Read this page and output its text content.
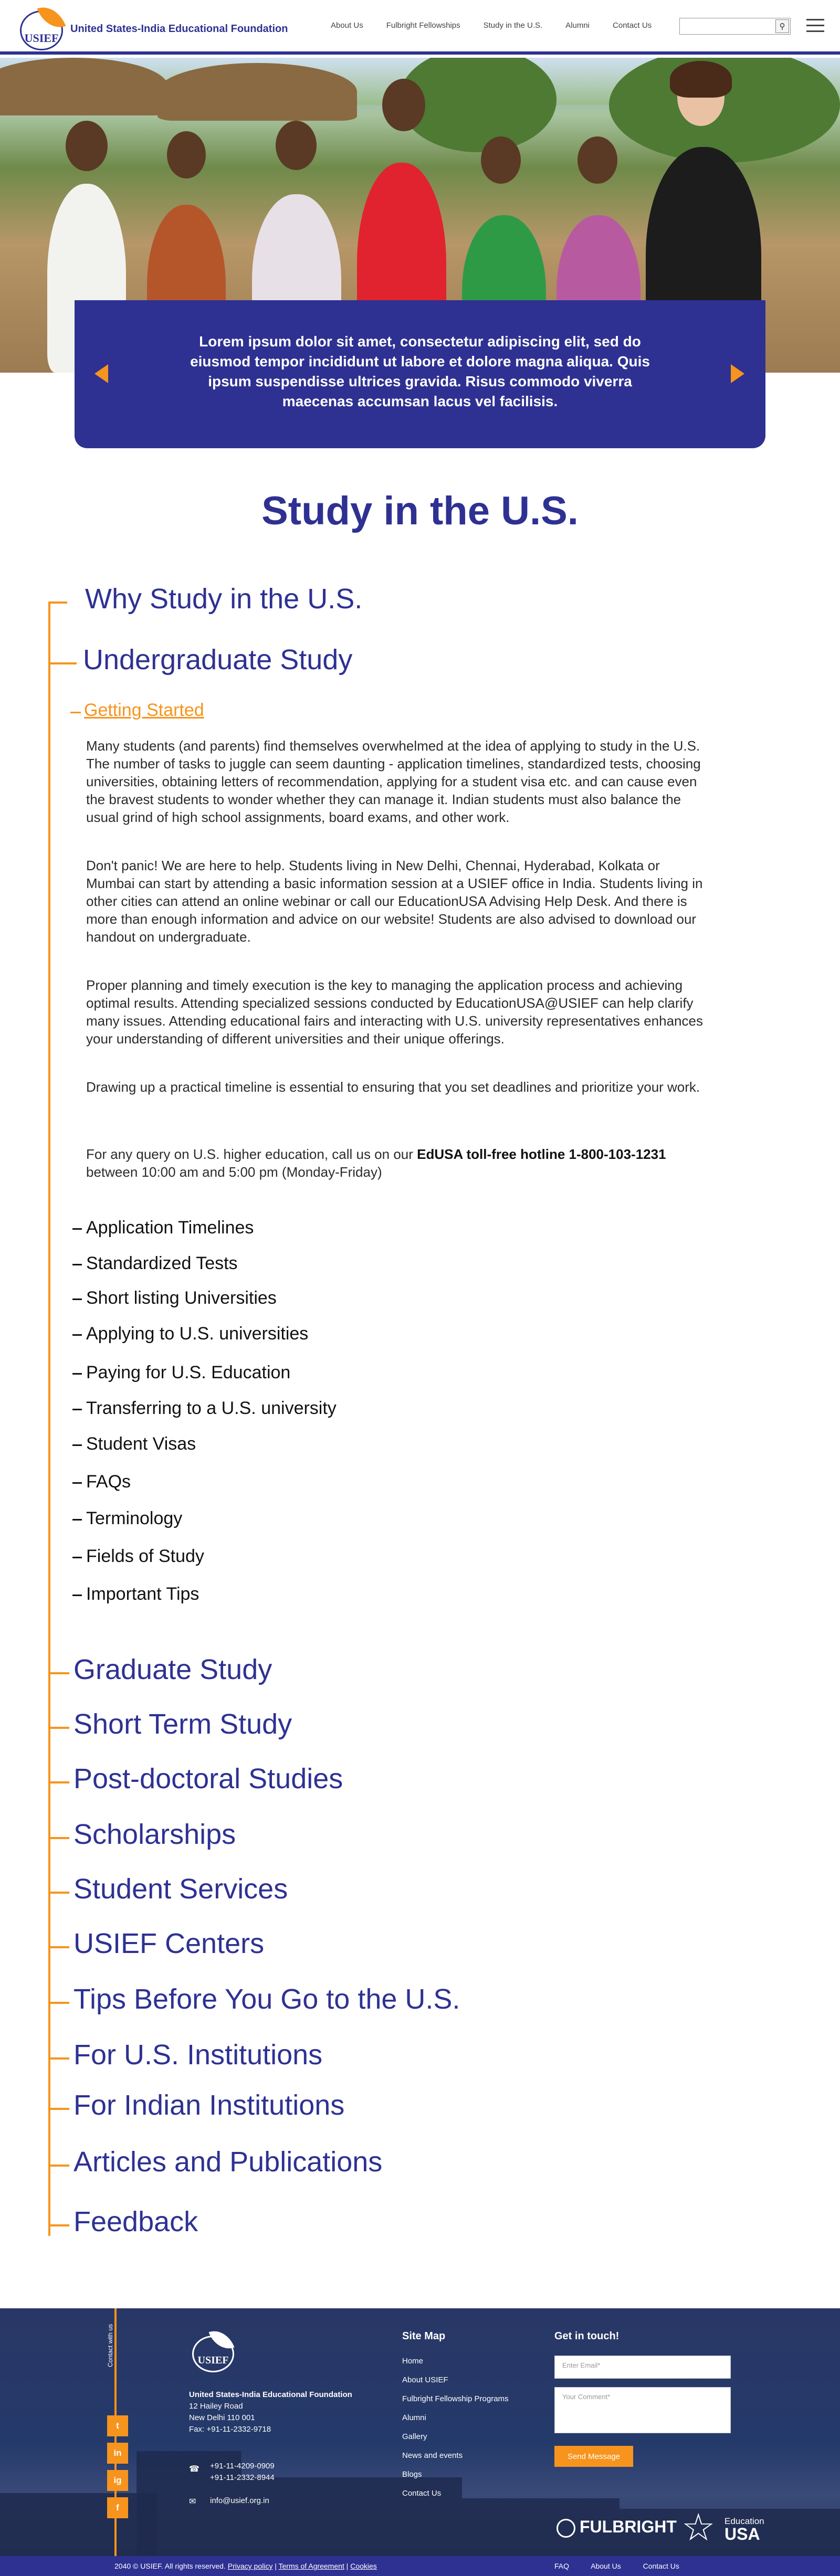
USIEF
United States-India Educational Foundation	About Us	Fulbright Fellowships	Study in the U.S.	Alumni	Contact Us	⚲

Lorem ipsum dolor sit amet, consectetur adipiscing elit, sed do eiusmod tempor incididunt ut labore et dolore magna aliqua. Quis ipsum suspendisse ultrices gravida. Risus commodo viverra maecenas accumsan lacus vel facilisis.

Study in the U.S.
Why Study in the U.S.
Undergraduate Study
Getting Started
Many students (and parents) find themselves overwhelmed at the idea of applying to study in the U.S. The number of tasks to juggle can seem daunting - application timelines, standardized tests, choosing universities, obtaining letters of recommendation, applying for a student visa etc. and can cause even the bravest students to wonder whether they can manage it. Indian students must also balance the usual grind of high school assignments, board exams, and other work.
Don't panic! We are here to help. Students living in New Delhi, Chennai, Hyderabad, Kolkata or Mumbai can start by attending a basic information session at a USIEF office in India. Students living in other cities can attend an online webinar or call our EducationUSA Advising Help Desk. And there is more than enough information and advice on our website! Students are also advised to download our handout on undergraduate.
Proper planning and timely execution is the key to managing the application process and achieving optimal results. Attending specialized sessions conducted by EducationUSA@USIEF can help clarify many issues. Attending educational fairs and interacting with U.S. university representatives enhances your understanding of different universities and their unique offerings.
Drawing up a practical timeline is essential to ensuring that you set deadlines and prioritize your work.
For any query on U.S. higher education, call us on our EdUSA toll-free hotline 1-800-103-1231 between 10:00 am and 5:00 pm (Monday-Friday)
Application Timelines
Standardized Tests
Short listing Universities
Applying to U.S. universities
Paying for U.S. Education
Transferring to a U.S. university
Student Visas
FAQs
Terminology
Fields of Study
Important Tips
Graduate Study
Short Term Study
Post-doctoral Studies
Scholarships
Student Services
USIEF Centers
Tips Before You Go to the U.S.
For U.S. Institutions
For Indian Institutions
Articles and Publications
Feedback
Contact with us
t
in
ig
f
USIEF
United States-India Educational Foundation
12 Hailey Road
New Delhi 110 001
Fax: +91-11-2332-9718
☎	+91-11-4209-0909
+91-11-2332-8944
✉	info@usief.org.in
Site Map
Home
About USIEF
Fulbright Fellowship Programs
Alumni
Gallery
News and events
Blogs
Contact Us
Get in touch!
Enter Email*
Your Comment*
Send Message
FULBRIGHT ☆ Education
USA
2040 © USIEF. All rights reserved. Privacy policy | Terms of Agreement | Cookies	FAQ	About Us	Contact Us
